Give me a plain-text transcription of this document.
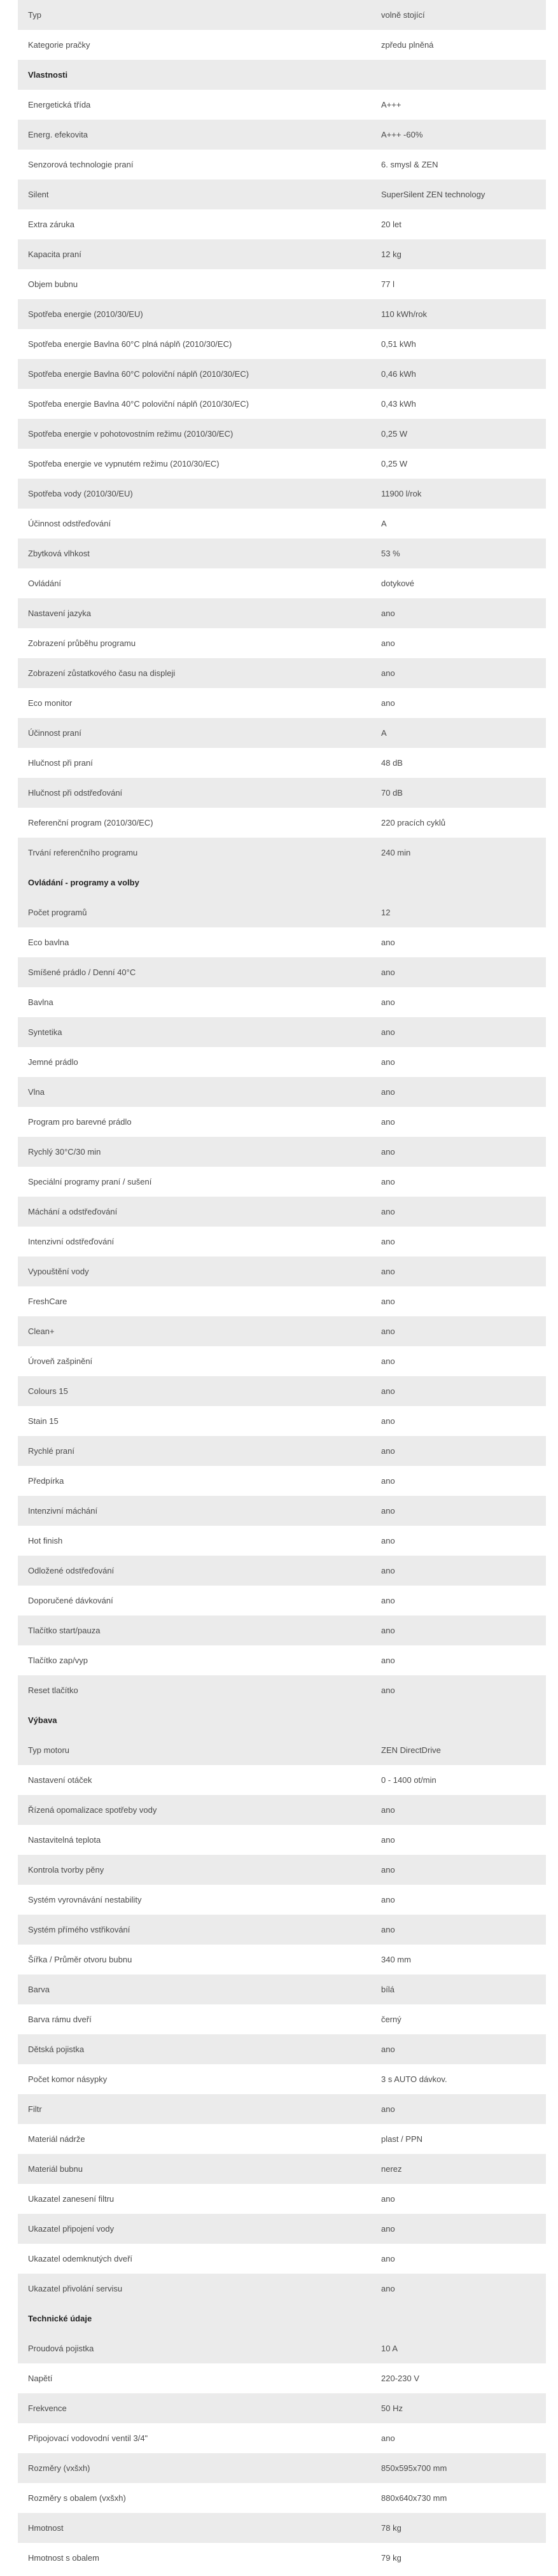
Typ	volně stojící
Kategorie pračky	zpředu plněná
Vlastnosti	
Energetická třída	A+++
Energ. efekovita	A+++ -60%
Senzorová technologie praní	6. smysl & ZEN
Silent	SuperSilent ZEN technology
Extra záruka	20 let
Kapacita praní	12 kg
Objem bubnu	77 l
Spotřeba energie (2010/30/EU)	110 kWh/rok
Spotřeba energie Bavlna 60°C plná náplň (2010/30/EC)	0,51 kWh
Spotřeba energie Bavlna 60°C poloviční náplň (2010/30/EC)	0,46 kWh
Spotřeba energie Bavlna 40°C poloviční náplň (2010/30/EC)	0,43 kWh
Spotřeba energie v pohotovostním režimu (2010/30/EC)	0,25 W
Spotřeba energie ve vypnutém režimu (2010/30/EC)	0,25 W
Spotřeba vody (2010/30/EU)	11900 l/rok
Účinnost odstřeďování	A
Zbytková vlhkost	53 %
Ovládání	dotykové
Nastavení jazyka	ano
Zobrazení průběhu programu	ano
Zobrazení zůstatkového času na displeji	ano
Eco monitor	ano
Účinnost praní	A
Hlučnost při praní	48 dB
Hlučnost při odstřeďování	70 dB
Referenční program (2010/30/EC)	220 pracích cyklů
Trvání referenčního programu	240 min
Ovládání - programy a volby	
Počet programů	12
Eco bavlna	ano
Smíšené prádlo / Denní 40°C	ano
Bavlna	ano
Syntetika	ano
Jemné prádlo	ano
Vlna	ano
Program pro barevné prádlo	ano
Rychlý 30°C/30 min	ano
Speciální programy praní / sušení	ano
Máchání a odstřeďování	ano
Intenzivní odstřeďování	ano
Vypouštění vody	ano
FreshCare	ano
Clean+	ano
Úroveň zašpinění	ano
Colours 15	ano
Stain 15	ano
Rychlé praní	ano
Předpírka	ano
Intenzivní máchání	ano
Hot finish	ano
Odložené odstřeďování	ano
Doporučené dávkování	ano
Tlačítko start/pauza	ano
Tlačítko zap/vyp	ano
Reset tlačítko	ano
Výbava	
Typ motoru	ZEN DirectDrive
Nastavení otáček	0 - 1400 ot/min
Řízená opomalizace spotřeby vody	ano
Nastavitelná teplota	ano
Kontrola tvorby pěny	ano
Systém vyrovnávání nestability	ano
Systém přímého vstřikování	ano
Šířka / Průměr otvoru bubnu	340 mm
Barva	bílá
Barva rámu dveří	černý
Dětská pojistka	ano
Počet komor násypky	3 s AUTO dávkov.
Filtr	ano
Materiál nádrže	plast / PPN
Materiál bubnu	nerez
Ukazatel zanesení filtru	ano
Ukazatel připojení vody	ano
Ukazatel odemknutých dveří	ano
Ukazatel přivolání servisu	ano
Technické údaje	
Proudová pojistka	10 A
Napětí	220-230 V
Frekvence	50 Hz
Připojovací vodovodní ventil 3/4"	ano
Rozměry (vxšxh)	850x595x700 mm
Rozměry s obalem (vxšxh)	880x640x730 mm
Hmotnost	78 kg
Hmotnost s obalem	79 kg
